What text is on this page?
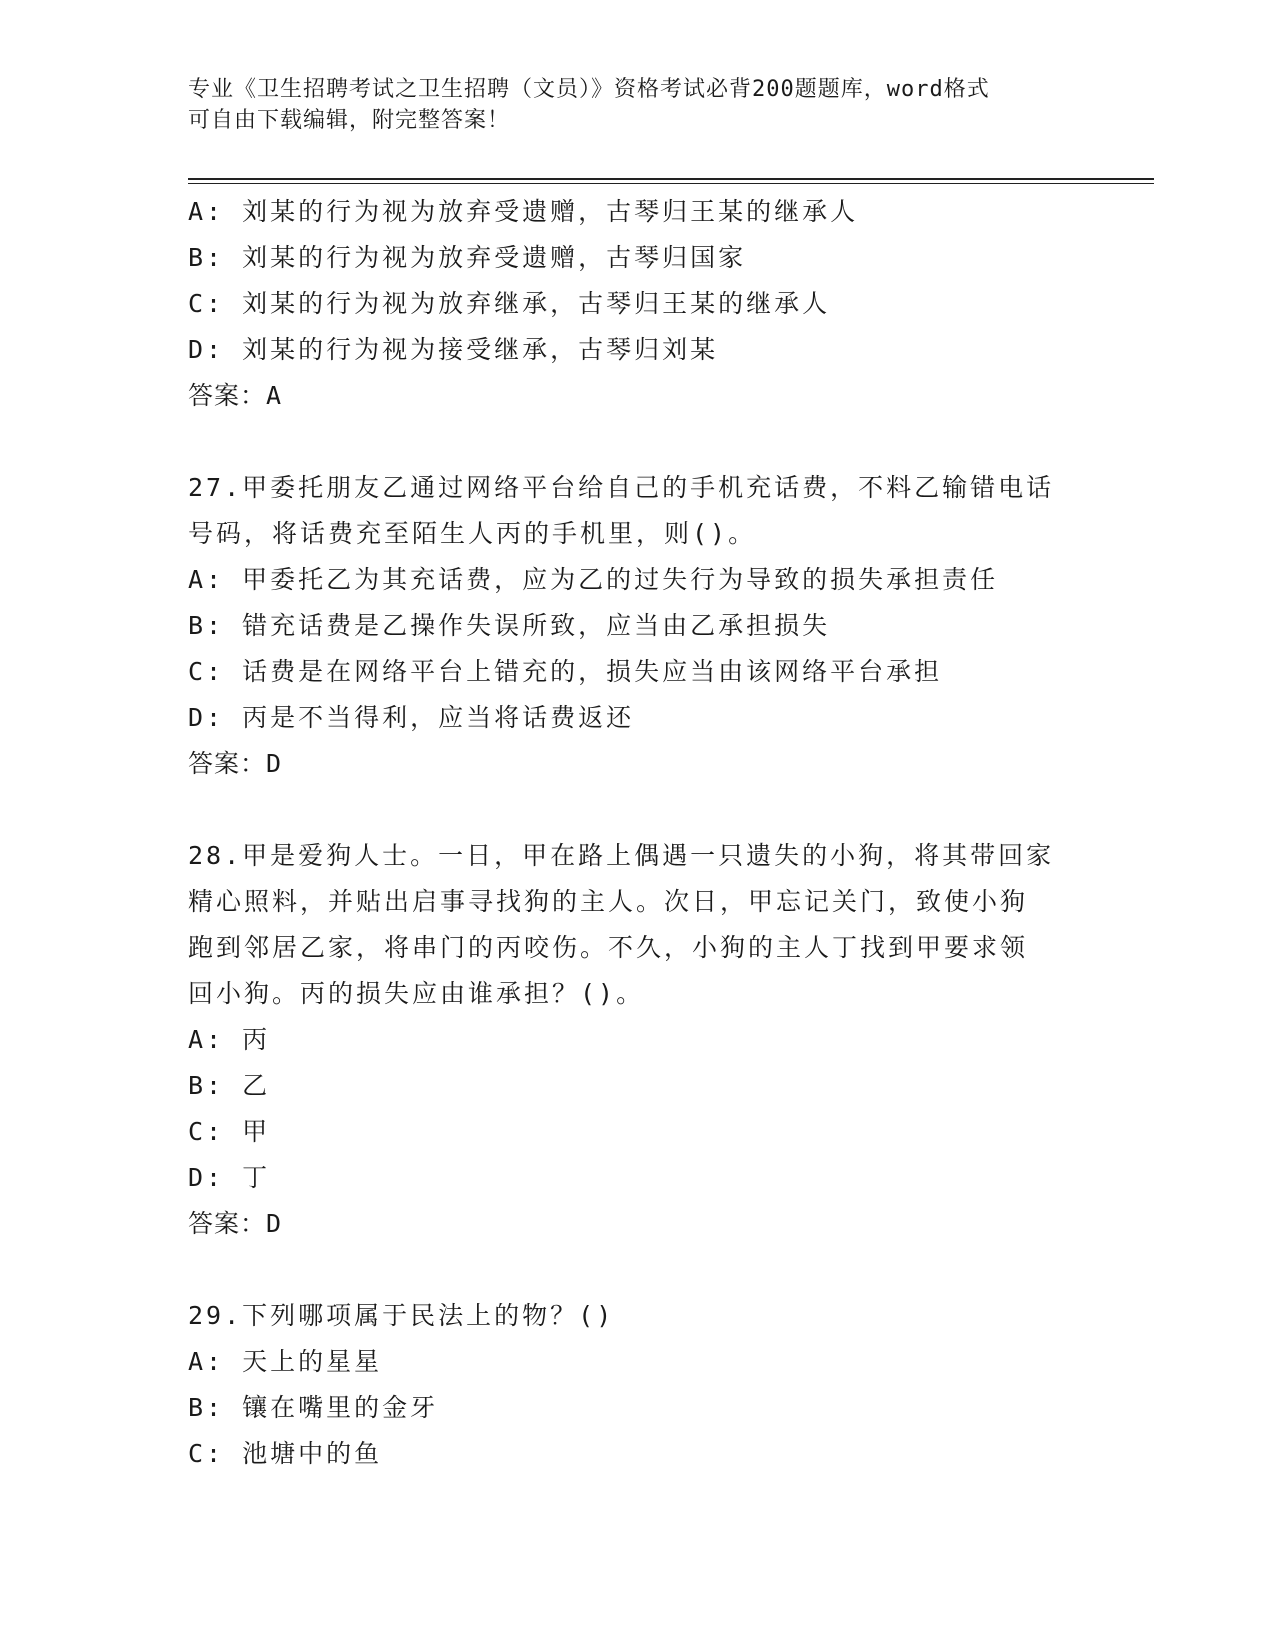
专业《卫生招聘考试之卫生招聘（文员）》资格考试必背200题题库，word格式
可自由下载编辑，附完整答案！
A: 刘某的行为视为放弃受遗赠，古琴归王某的继承人
B: 刘某的行为视为放弃受遗赠，古琴归国家
C: 刘某的行为视为放弃继承，古琴归王某的继承人
D: 刘某的行为视为接受继承，古琴归刘某
答案：A
27.甲委托朋友乙通过网络平台给自己的手机充话费，不料乙输错电话
号码，将话费充至陌生人丙的手机里，则()。
A: 甲委托乙为其充话费，应为乙的过失行为导致的损失承担责任
B: 错充话费是乙操作失误所致，应当由乙承担损失
C: 话费是在网络平台上错充的，损失应当由该网络平台承担
D: 丙是不当得利，应当将话费返还
答案：D
28.甲是爱狗人士。一日，甲在路上偶遇一只遗失的小狗，将其带回家
精心照料，并贴出启事寻找狗的主人。次日，甲忘记关门，致使小狗
跑到邻居乙家，将串门的丙咬伤。不久，小狗的主人丁找到甲要求领
回小狗。丙的损失应由谁承担？()。
A: 丙
B: 乙
C: 甲
D: 丁
答案：D
29.下列哪项属于民法上的物？()
A: 天上的星星
B: 镶在嘴里的金牙
C: 池塘中的鱼
